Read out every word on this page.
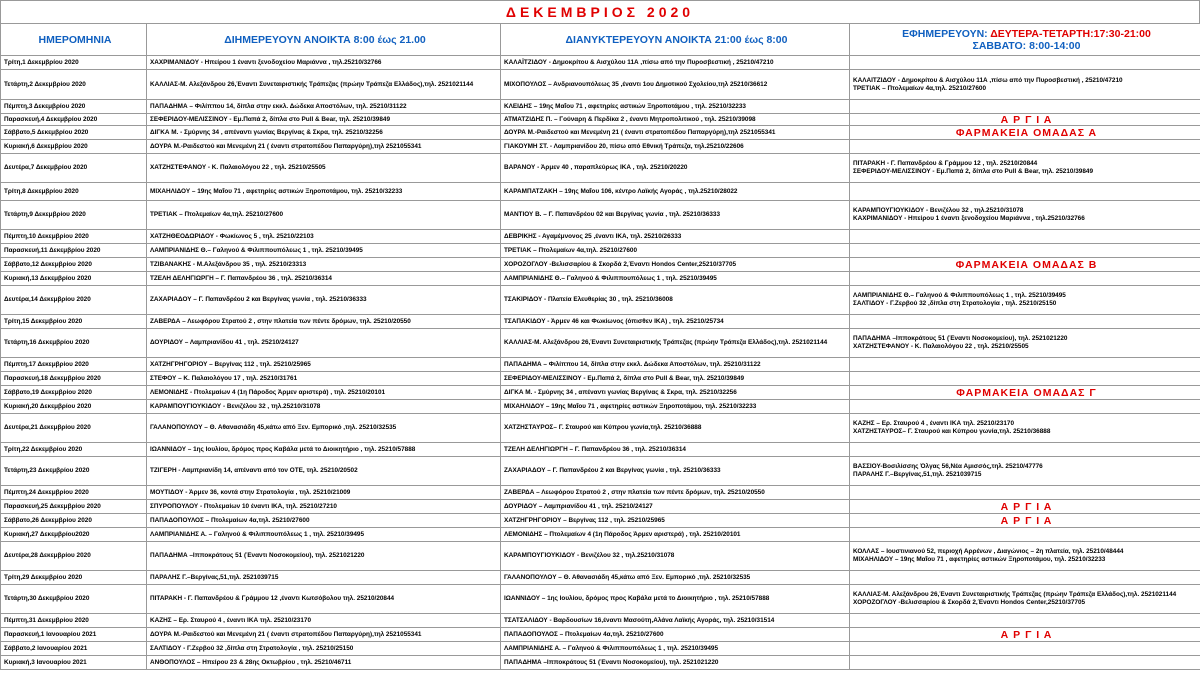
ΔΕΚΕΜΒΡΙΟΣ 2020
ΗΜΕΡΟΜΗΝΙΑ	ΔΙΗΜΕΡΕΥΟΥΝ ΑΝΟΙΚΤΑ 8:00 έως 21.00	ΔΙΑΝΥΚΤΕΡΕΥΟΥΝ ΑΝΟΙΚΤΑ 21:00 έως 8:00	ΕΦΗΜΕΡΕΥΟΥΝ: ΔΕΥΤΕΡΑ-ΤΕΤΑΡΤΗ:17:30-21:00
ΣΑΒΒΑΤΟ: 8:00-14:00
Τρίτη,1 Δεκεμβρίου 2020	ΧΑΧΡΙΜΑΝΙΔΟΥ - Ηπείρου 1 έναντι ξενοδοχείου Μαριάννα , τηλ.25210/32766	ΚΑΛΑΪΤΖΙΔΟΥ - Δημοκρίτου & Αισχύλου 11Α ,πίσω από την Πυροσβεστική , 25210/47210	
Τετάρτη,2 Δεκεμβρίου 2020	ΚΑΛΛΙΑΣ-Μ. Αλεξάνδρου 26,Έναντι Συνεταιριστικής Τράπεζας (πρώην Τράπεζα Ελλάδος),τηλ. 2521021144	ΜΙΧΟΠΟΥΛΟΣ – Ανδριανουπόλεως 35 ,έναντι 1ου Δημοτικού Σχολείου,τηλ 25210/36612	ΚΑΛΑΪΤΖΙΔΟΥ - Δημοκρίτου & Αισχύλου 11Α ,πίσω από την Πυροσβεστική , 25210/47210
ΤΡΕΤΙΑΚ – Πτολεμαίων 4α,τηλ. 25210/27600

Πέμπτη,3 Δεκεμβρίου 2020	ΠΑΠΑΔΗΜΑ – Φιλίππου 14, δίπλα στην εκκλ. Δώδεκα Αποστόλων, τηλ. 25210/31122	ΚΛΕΙΔΗΣ – 19ης Μαΐου 71 , αφετηρίες αστικών Ξηροποτάμου , τηλ. 25210/32233	
Παρασκευή,4 Δεκεμβρίου 2020	ΣΕΦΕΡΙΔΟΥ-ΜΕΛΙΣΣΙΝΟΥ - Εμ.Παπά 2, δίπλα στο Pull & Bear, τηλ. 25210/39849	ΑΤΜΑΤΖΙΔΗΣ Π. – Γούναρη & Περδίκα 2 , έναντι Μητροπολιτικού , τηλ. 25210/39098	Α Ρ Γ Ι Α
Σάββατο,5 Δεκεμβρίου 2020	ΔΙΓΚΑ Μ. - Σμύρνης 34 , απέναντι γωνίας Βεργίνας & Σκρα, τηλ. 25210/32256	ΔΟΥΡΑ Μ.-Ραιδεστού και Μενεμένη 21 ( έναντι στρατοπέδου Παπαργύρη),τηλ 2521055341	ΦΑΡΜΑΚΕΙΑ ΟΜΑΔΑΣ Α
Κυριακή,6 Δεκεμβρίου 2020	ΔΟΥΡΑ Μ.-Ραιδεστού και Μενεμένη 21 ( έναντι στρατοπέδου Παπαργύρη),τηλ 2521055341	ΓΙΑΚΟΥΜΗ ΣΤ. - Λαμπριανίδου 20, πίσω από Εθνική Τράπεζα, τηλ.25210/22606	
Δευτέρα,7 Δεκεμβρίου 2020	ΧΑΤΖΗΣΤΕΦΑΝΟΥ - Κ. Παλαιολόγου 22 , τηλ. 25210/25505	ΒΑΡΑΝΟΥ - Άρμεν 40 , παραπλεύρως ΙΚΑ , τηλ. 25210/20220	ΠΙΤΑΡΑΚΗ - Γ. Παπανδρέου & Γράμμου 12 , τηλ. 25210/20844
ΣΕΦΕΡΙΔΟΥ-ΜΕΛΙΣΣΙΝΟΥ - Εμ.Παπά 2, δίπλα στο Pull & Bear, τηλ. 25210/39849

Τρίτη,8 Δεκεμβρίου 2020	ΜΙΧΑΗΛΙΔΟΥ – 19ης Μαΐου 71 , αφετηρίες αστικών Ξηροποτάμου, τηλ. 25210/32233	ΚΑΡΑΜΠΑΤΖΑΚΗ – 19ης Μαΐου 106, κέντρο Λαϊκής Αγοράς , τηλ.25210/28022	
Τετάρτη,9 Δεκεμβρίου 2020	ΤΡΕΤΙΑΚ – Πτολεμαίων 4α,τηλ. 25210/27600	ΜΑΝΤΙΟΥ Β. – Γ. Παπανδρέου 02 και Βεργίνας γωνία , τηλ. 25210/36333	ΚΑΡΑΜΠΟΥΓΙΟΥΚΙΔΟΥ - Βενιζέλου 32 , τηλ.25210/31078
ΚΑΧΡΙΜΑΝΙΔΟΥ - Ηπείρου 1 έναντι ξενοδοχείου Μαριάννα , τηλ.25210/32766

Πέμπτη,10 Δεκεμβρίου 2020	ΧΑΤΖΗΘΕΟΔΩΡΙΔΟΥ - Φωκίωνος 5 , τηλ. 25210/22103	ΔΕΒΡΙΚΗΣ - Αγαμέμνονος 25 ,έναντι ΙΚΑ, τηλ. 25210/26333	
Παρασκευή,11 Δεκεμβρίου 2020	ΛΑΜΠΡΙΑΝΙΔΗΣ Θ.– Γαληνού & Φιλιππουπόλεως 1 , τηλ. 25210/39495	ΤΡΕΤΙΑΚ – Πτολεμαίων 4α,τηλ. 25210/27600	
Σάββατο,12 Δεκεμβρίου 2020	ΤΖΙΒΑΝΑΚΗΣ - Μ.Αλεξάνδρου 35 , τηλ. 25210/23313	ΧΟΡΟΖΟΓΛΟΥ -Βελισσαρίου & Σκορδά 2,Έναντι Hondos Center,25210/37705	ΦΑΡΜΑΚΕΙΑ ΟΜΑΔΑΣ Β
Κυριακή,13 Δεκεμβρίου 2020	ΤΖΕΛΗ ΔΕΛΗΓΙΩΡΓΗ – Γ. Παπανδρέου 36 , τηλ. 25210/36314	ΛΑΜΠΡΙΑΝΙΔΗΣ Θ.– Γαληνού & Φιλιππουπόλεως 1 , τηλ. 25210/39495	
Δευτέρα,14 Δεκεμβρίου 2020	ΖΑΧΑΡΙΑΔΟΥ – Γ. Παπανδρέου 2 και Βεργίνας γωνία , τηλ. 25210/36333	ΤΣΑΚΙΡΙΔΟΥ - Πλατεία Ελευθερίας 30 , τηλ. 25210/36008	ΛΑΜΠΡΙΑΝΙΔΗΣ Θ.– Γαληνού & Φιλιππουπόλεως 1 , τηλ. 25210/39495
ΣΑΛΤΙΔΟΥ - Γ.Ζερβού 32 ,δίπλα στη Στρατολογία , τηλ. 25210/25150

Τρίτη,15 Δεκεμβρίου 2020	ΖΑΒΕΡΔΑ – Λεωφόρου Στρατού 2 , στην πλατεία των πέντε δρόμων, τηλ. 25210/20550	ΤΣΑΠΑΚΙΔΟΥ - Άρμεν 46 και Φωκίωνος (όπισθεν ΙΚΑ) , τηλ. 25210/25734	
Τετάρτη,16 Δεκεμβρίου 2020	ΔΟΥΡΙΔΟΥ – Λαμπριανίδου 41 , τηλ. 25210/24127	ΚΑΛΛΙΑΣ-Μ. Αλεξάνδρου 26,Έναντι Συνεταιριστικής Τράπεζας (πρώην Τράπεζα Ελλάδος),τηλ. 2521021144	ΠΑΠΑΔΗΜΑ –Ιπποκράτους 51 (Έναντι Νοσοκομείου), τηλ. 2521021220
ΧΑΤΖΗΣΤΕΦΑΝΟΥ - Κ. Παλαιολόγου 22 , τηλ. 25210/25505

Πέμπτη,17 Δεκεμβρίου 2020	ΧΑΤΖΗΓΡΗΓΟΡΙΟΥ – Βεργίνας 112 , τηλ. 25210/25965	ΠΑΠΑΔΗΜΑ – Φιλίππου 14, δίπλα στην εκκλ. Δώδεκα Αποστόλων, τηλ. 25210/31122	
Παρασκευή,18 Δεκεμβρίου 2020	ΣΤΕΦΟΥ – Κ. Παλαιολόγου 17 , τηλ. 25210/31761	ΣΕΦΕΡΙΔΟΥ-ΜΕΛΙΣΣΙΝΟΥ - Εμ.Παπά 2, δίπλα στο Pull & Bear, τηλ. 25210/39849	
Σάββατο,19 Δεκεμβρίου 2020	ΛΕΜΟΝΙΔΗΣ - Πτολεμαίων 4 (1η Πάροδος Άρμεν αριστερά) , τηλ. 25210/20101	ΔΙΓΚΑ Μ. - Σμύρνης 34 , απέναντι γωνίας Βεργίνας & Σκρα, τηλ. 25210/32256	ΦΑΡΜΑΚΕΙΑ ΟΜΑΔΑΣ Γ
Κυριακή,20 Δεκεμβρίου 2020	ΚΑΡΑΜΠΟΥΓΙΟΥΚΙΔΟΥ - Βενιζέλου 32 , τηλ.25210/31078	ΜΙΧΑΗΛΙΔΟΥ – 19ης Μαΐου 71 , αφετηρίες αστικών Ξηροποτάμου, τηλ. 25210/32233	
Δευτέρα,21 Δεκεμβρίου 2020	ΓΑΛΑΝΟΠΟΥΛΟΥ – Θ. Αθανασιάδη 45,κάτω από Ξεν. Εμπορικό ,τηλ. 25210/32535	ΧΑΤΖΗΣΤΑΥΡΟΣ– Γ. Σταυρού και Κύπρου γωνία,τηλ. 25210/36888	ΚΑΖΗΣ – Ερ. Σταυρού 4 , έναντι ΙΚΑ τηλ. 25210/23170
ΧΑΤΖΗΣΤΑΥΡΟΣ– Γ. Σταυρού και Κύπρου γωνία,τηλ. 25210/36888

Τρίτη,22 Δεκεμβρίου 2020	ΙΩΑΝΝΙΔΟΥ – 1ης Ιουλίου, δρόμος προς Καβάλα μετά το Διοικητήριο , τηλ. 25210/57888	ΤΖΕΛΗ ΔΕΛΗΓΙΩΡΓΗ – Γ. Παπανδρέου 36 , τηλ. 25210/36314	
Τετάρτη,23 Δεκεμβρίου 2020	ΤΖΙΓΕΡΗ - Λαμπριανίδη 14, απέναντι από τον ΟΤΕ, τηλ. 25210/20502	ΖΑΧΑΡΙΑΔΟΥ – Γ. Παπανδρέου 2 και Βεργίνας γωνία , τηλ. 25210/36333	ΒΑΣΣΙΟΥ-Βοσιλίσσης Όλγας 56,Νέα Αμισσός,τηλ. 25210/47776
ΠΑΡΑΛΗΣ Γ.–Βεργίνας,51,τηλ. 2521039715

Πέμπτη,24 Δεκεμβρίου 2020	ΜΟΥΤΙΔΟΥ - Άρμεν 36, κοντά στην Στρατολογία , τηλ. 25210/21009	ΖΑΒΕΡΔΑ – Λεωφόρου Στρατού 2 , στην πλατεία των πέντε δρόμων, τηλ. 25210/20550	
Παρασκευή,25 Δεκεμβρίου 2020	ΣΠΥΡΟΠΟΥΛΟΥ - Πτολεμαίων 10 έναντι ΙΚΑ, τηλ. 25210/27210	ΔΟΥΡΙΔΟΥ – Λαμπριανίδου 41 , τηλ. 25210/24127	Α Ρ Γ Ι Α
Σάββατο,26 Δεκεμβρίου 2020	ΠΑΠΑΔΟΠΟΥΛΟΣ – Πτολεμαίων 4α,τηλ. 25210/27600	ΧΑΤΖΗΓΡΗΓΟΡΙΟΥ – Βεργίνας 112 , τηλ. 25210/25965	Α Ρ Γ Ι Α
Κυριακή,27 Δεκεμβρίου2020	ΛΑΜΠΡΙΑΝΙΔΗΣ Α. – Γαληνού & Φιλιππουπόλεως 1 , τηλ. 25210/39495	ΛΕΜΟΝΙΔΗΣ – Πτολεμαίων 4 (1η Πάροδος Άρμεν αριστερά) , τηλ. 25210/20101	
Δευτέρα,28 Δεκεμβρίου 2020	ΠΑΠΑΔΗΜΑ –Ιπποκράτους 51 (Έναντι Νοσοκομείου), τηλ. 2521021220	ΚΑΡΑΜΠΟΥΓΙΟΥΚΙΔΟΥ - Βενιζέλου 32 , τηλ.25210/31078	ΚΟΛΛΑΣ – Ιουστινιανού 52, περιοχή Αρρένων , Διαγώνιος – 2η πλατεία, τηλ. 25210/48444
ΜΙΧΑΗΛΙΔΟΥ – 19ης Μαΐου 71 , αφετηρίες αστικών Ξηροποτάμου, τηλ. 25210/32233

Τρίτη,29 Δεκεμβρίου 2020	ΠΑΡΑΛΗΣ Γ.–Βεργίνας,51,τηλ. 2521039715	ΓΑΛΑΝΟΠΟΥΛΟΥ – Θ. Αθανασιάδη 45,κάτω από Ξεν. Εμπορικό ,τηλ. 25210/32535	
Τετάρτη,30 Δεκεμβρίου 2020	ΠΙΤΑΡΑΚΗ - Γ. Παπανδρέου & Γράμμου 12 ,έναντι Κωτσόβολου τηλ. 25210/20844	ΙΩΑΝΝΙΔΟΥ – 1ης Ιουλίου, δρόμος προς Καβάλα μετά το Διοικητήριο , τηλ. 25210/57888	ΚΑΛΛΙΑΣ-Μ. Αλεξάνδρου 26,Έναντι Συνεταιριστικής Τράπεζας (πρώην Τράπεζα Ελλάδος),τηλ. 2521021144
ΧΟΡΟΖΟΓΛΟΥ -Βελισσαρίου & Σκορδά 2,Έναντι Hondos Center,25210/37705

Πέμπτη,31 Δεκεμβρίου 2020	ΚΑΖΗΣ – Ερ. Σταυρού 4 , έναντι ΙΚΑ τηλ. 25210/23170	ΤΣΑΤΣΑΛΙΔΟΥ - Βαρδουσίων 16,έναντι Μασούτη,Αλάνα Λαϊκής Αγοράς, τηλ. 25210/31514	
Παρασκευή,1 Ιανουαρίου 2021	ΔΟΥΡΑ Μ.-Ραιδεστού και Μενεμένη 21 ( έναντι στρατοπέδου Παπαργύρη),τηλ 2521055341	ΠΑΠΑΔΟΠΟΥΛΟΣ – Πτολεμαίων 4α,τηλ. 25210/27600	Α Ρ Γ Ι Α
Σάββατο,2 Ιανουαρίου 2021	ΣΑΛΤΙΔΟΥ - Γ.Ζερβού 32 ,δίπλα στη Στρατολογία , τηλ. 25210/25150	ΛΑΜΠΡΙΑΝΙΔΗΣ Α. – Γαληνού & Φιλιππουπόλεως 1 , τηλ. 25210/39495	
Κυριακή,3 Ιανουαρίου 2021	ΑΝΘΟΠΟΥΛΟΣ – Ηπείρου 23 & 28ης Οκτωβρίου , τηλ. 25210/46711	ΠΑΠΑΔΗΜΑ –Ιπποκράτους 51 (Έναντι Νοσοκομείου), τηλ. 2521021220	
